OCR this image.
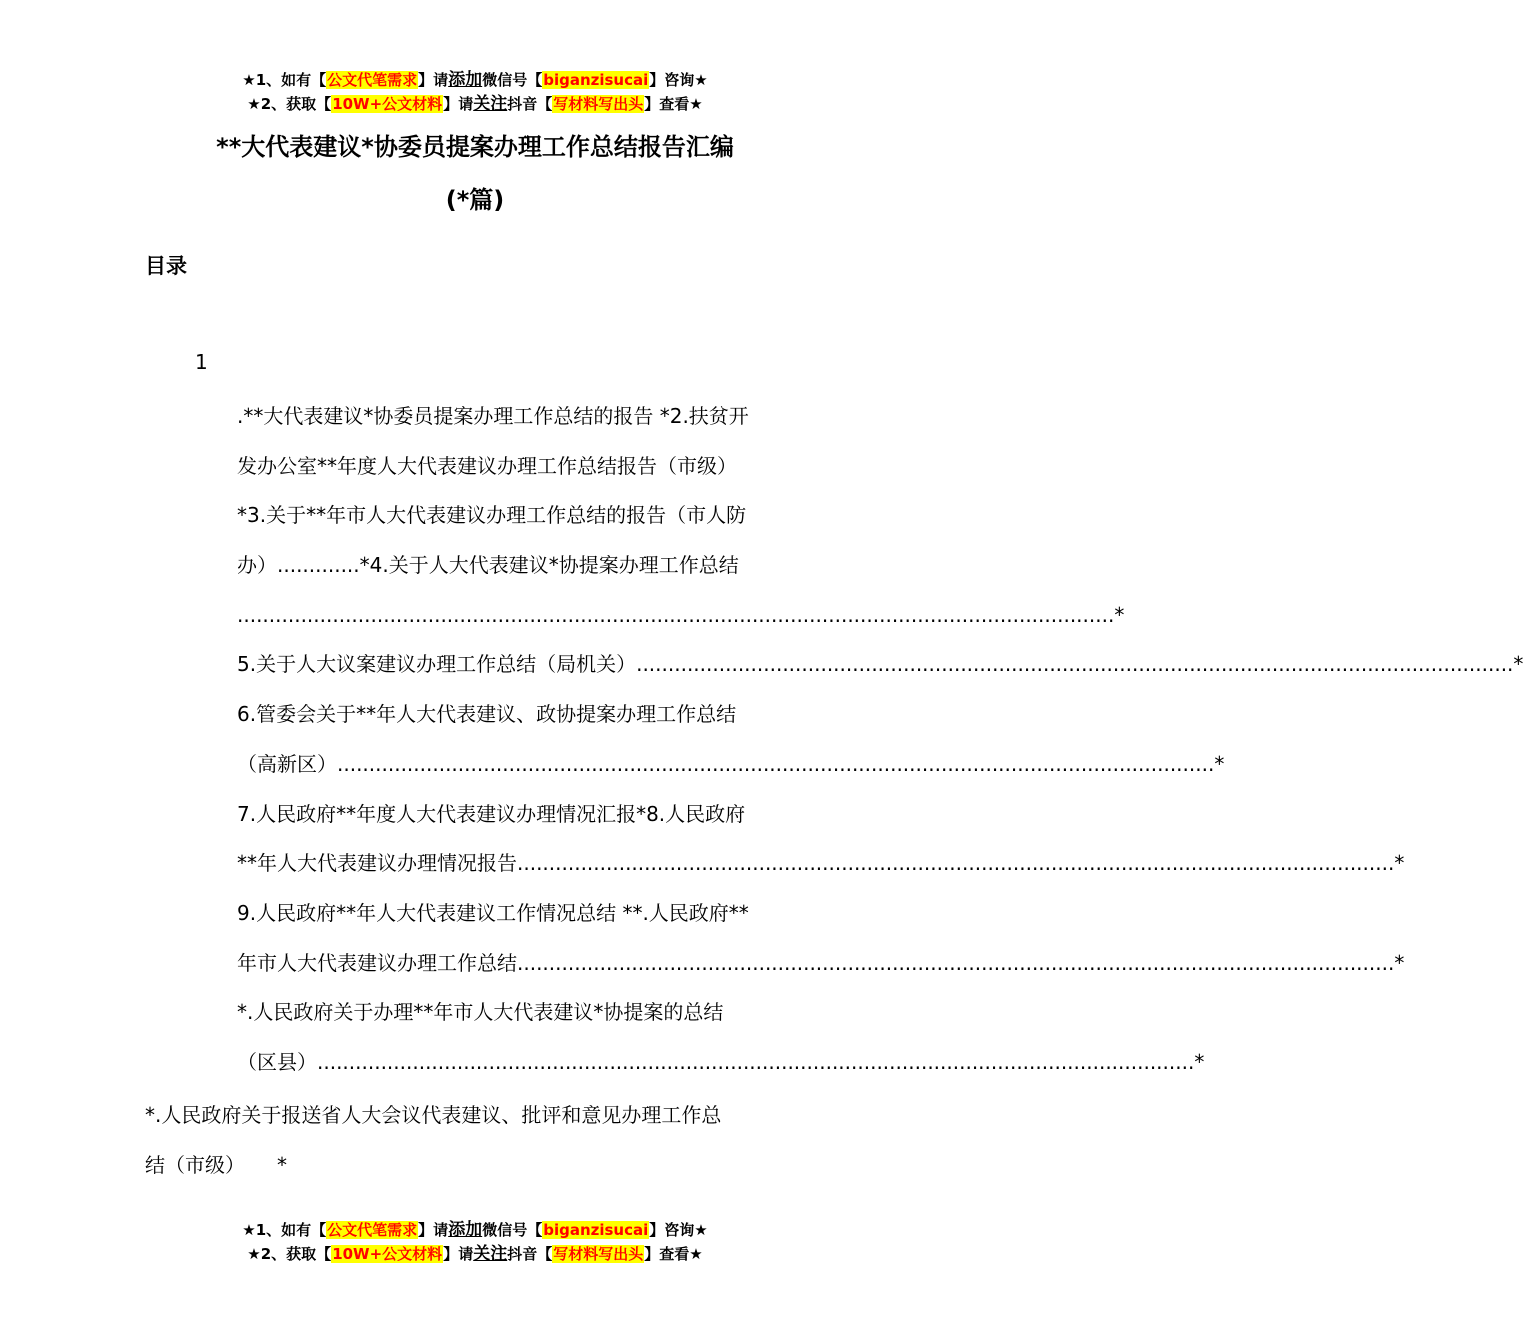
★1、如有【公文代笔需求】请添加微信号【biganzisucai】咨询★
★2、获取【10W+公文材料】请关注抖音【写材料写出头】查看★
**大代表建议*协委员提案办理工作总结报告汇编
(*篇)
目录
1
.**大代表建议*协委员提案办理工作总结的报告 *2.扶贫开
发办公室**年度人大代表建议办理工作总结报告（市级）
*3.关于**年市人大代表建议办理工作总结的报告（市人防
办）.............*4.关于人大代表建议*协提案办理工作总结
.......................................................................................................................................... *
5.关于人大议案建议办理工作总结（局机关） .......................................................................................................................................... *
6.管委会关于**年人大代表建议、政协提案办理工作总结
（高新区） .......................................................................................................................................... *
7.人民政府**年度人大代表建议办理情况汇报*8.人民政府
**年人大代表建议办理情况报告 .......................................................................................................................................... *
9.人民政府**年人大代表建议工作情况总结 **.人民政府**
年市人大代表建议办理工作总结 .......................................................................................................................................... *
*.人民政府关于办理**年市人大代表建议*协提案的总结
（区县） .......................................................................................................................................... *
*.人民政府关于报送省人大会议代表建议、批评和意见办理工作总
结（市级） *
★1、如有【公文代笔需求】请添加微信号【biganzisucai】咨询★
★2、获取【10W+公文材料】请关注抖音【写材料写出头】查看★
